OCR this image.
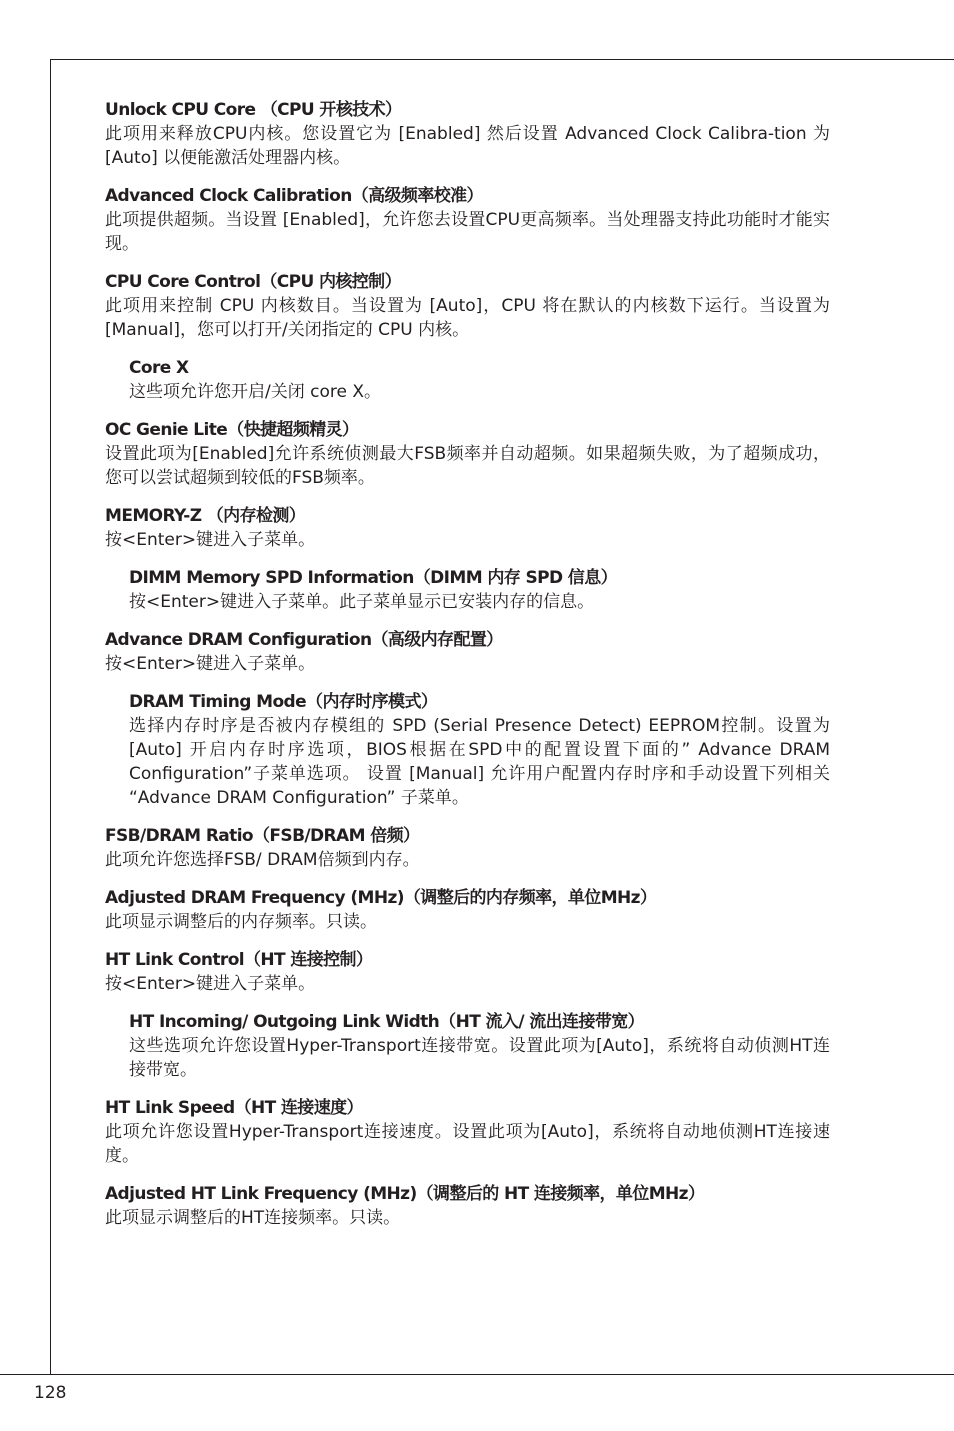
Unlock CPU Core （CPU 开核技术）
此项用来释放CPU内核。您设置它为 [Enabled] 然后设置 Advanced Clock Calibra-tion 为 [Auto] 以便能激活处理器内核。
Advanced Clock Calibration（高级频率校准）
此项提供超频。当设置 [Enabled]，允许您去设置CPU更高频率。当处理器支持此功能时才能实现。
CPU Core Control（CPU 内核控制）
此项用来控制 CPU 内核数目。当设置为 [Auto]，CPU 将在默认的内核数下运行。当设置为 [Manual]，您可以打开/关闭指定的 CPU 内核。
Core X
这些项允许您开启/关闭 core X。
OC Genie Lite（快捷超频精灵）
设置此项为[Enabled]允许系统侦测最大FSB频率并自动超频。如果超频失败，为了超频成功，您可以尝试超频到较低的FSB频率。
MEMORY-Z （内存检测）
按<Enter>键进入子菜单。
DIMM Memory SPD Information（DIMM 内存 SPD 信息）
按<Enter>键进入子菜单。此子菜单显示已安装内存的信息。
Advance DRAM Configuration（高级内存配置）
按<Enter>键进入子菜单。
DRAM Timing Mode（内存时序模式）
选择内存时序是否被内存模组的 SPD (Serial Presence Detect) EEPROM控制。设置为 [Auto] 开启内存时序选项，BIOS根据在SPD中的配置设置下面的” Advance DRAM Configuration”子菜单选项。 设置 [Manual] 允许用户配置内存时序和手动设置下列相关 “Advance DRAM Configuration” 子菜单。
FSB/DRAM Ratio（FSB/DRAM 倍频）
此项允许您选择FSB/ DRAM倍频到内存。
Adjusted DRAM Frequency (MHz)（调整后的内存频率，单位MHz）
此项显示调整后的内存频率。只读。
HT Link Control（HT 连接控制）
按<Enter>键进入子菜单。
HT Incoming/ Outgoing Link Width（HT 流入/ 流出连接带宽）
这些选项允许您设置Hyper-Transport连接带宽。设置此项为[Auto]，系统将自动侦测HT连接带宽。
HT Link Speed（HT 连接速度）
此项允许您设置Hyper-Transport连接速度。设置此项为[Auto]，系统将自动地侦测HT连接速度。
Adjusted HT Link Frequency (MHz)（调整后的 HT 连接频率，单位MHz）
此项显示调整后的HT连接频率。只读。
128
